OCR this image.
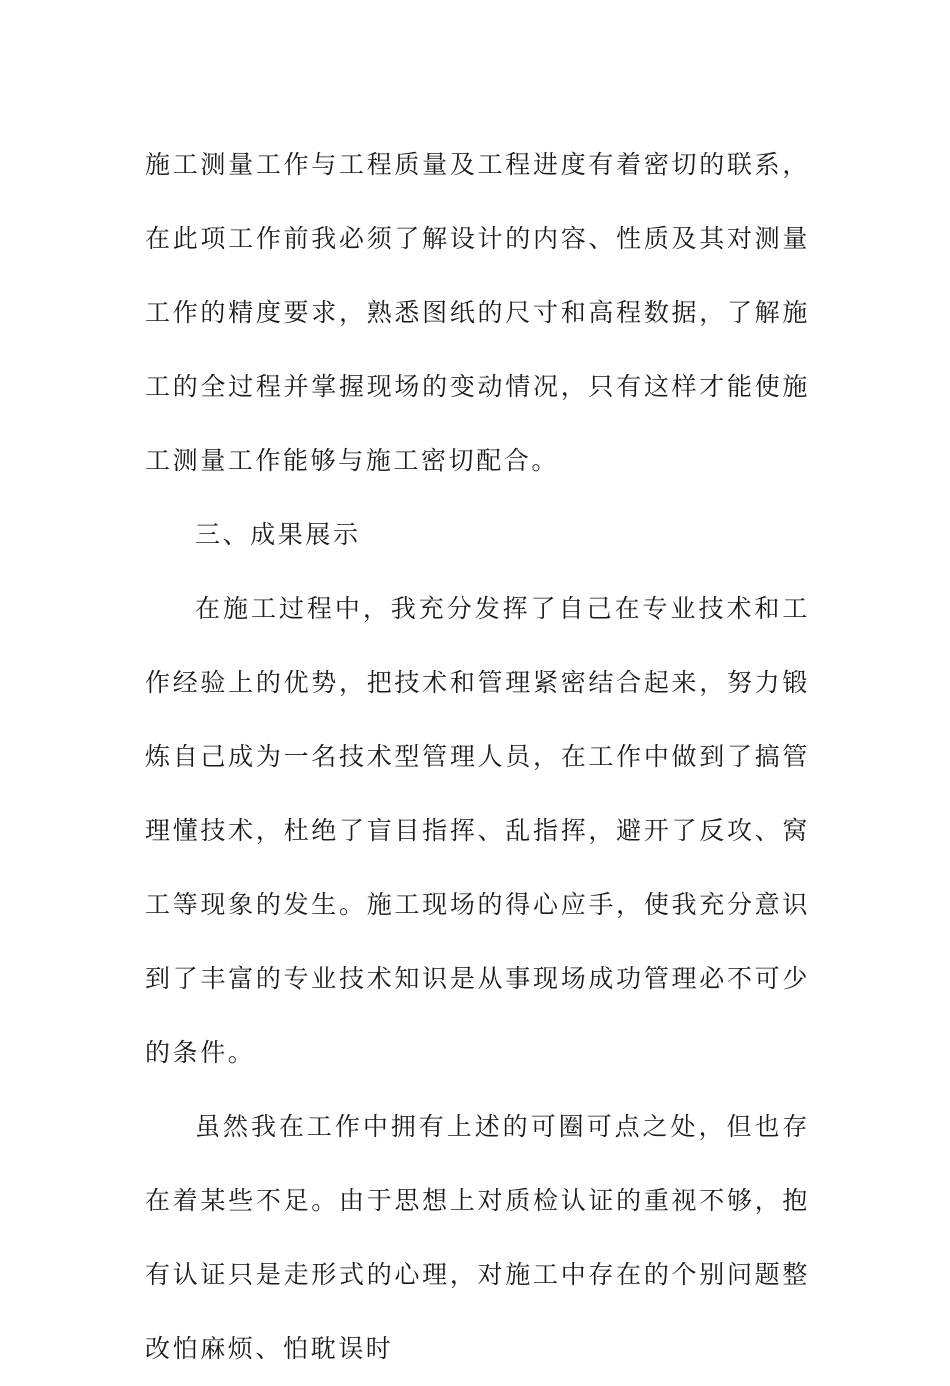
施工测量工作与工程质量及工程进度有着密切的联系，在此项工作前我必须了解设计的内容、性质及其对测量工作的精度要求，熟悉图纸的尺寸和高程数据，了解施工的全过程并掌握现场的变动情况，只有这样才能使施工测量工作能够与施工密切配合。

三、成果展示

在施工过程中，我充分发挥了自己在专业技术和工作经验上的优势，把技术和管理紧密结合起来，努力锻炼自己成为一名技术型管理人员，在工作中做到了搞管理懂技术，杜绝了盲目指挥、乱指挥，避开了反攻、窝工等现象的发生。施工现场的得心应手，使我充分意识到了丰富的专业技术知识是从事现场成功管理必不可少的条件。

虽然我在工作中拥有上述的可圈可点之处，但也存在着某些不足。由于思想上对质检认证的重视不够，抱有认证只是走形式的心理，对施工中存在的个别问题整改怕麻烦、怕耽误时
